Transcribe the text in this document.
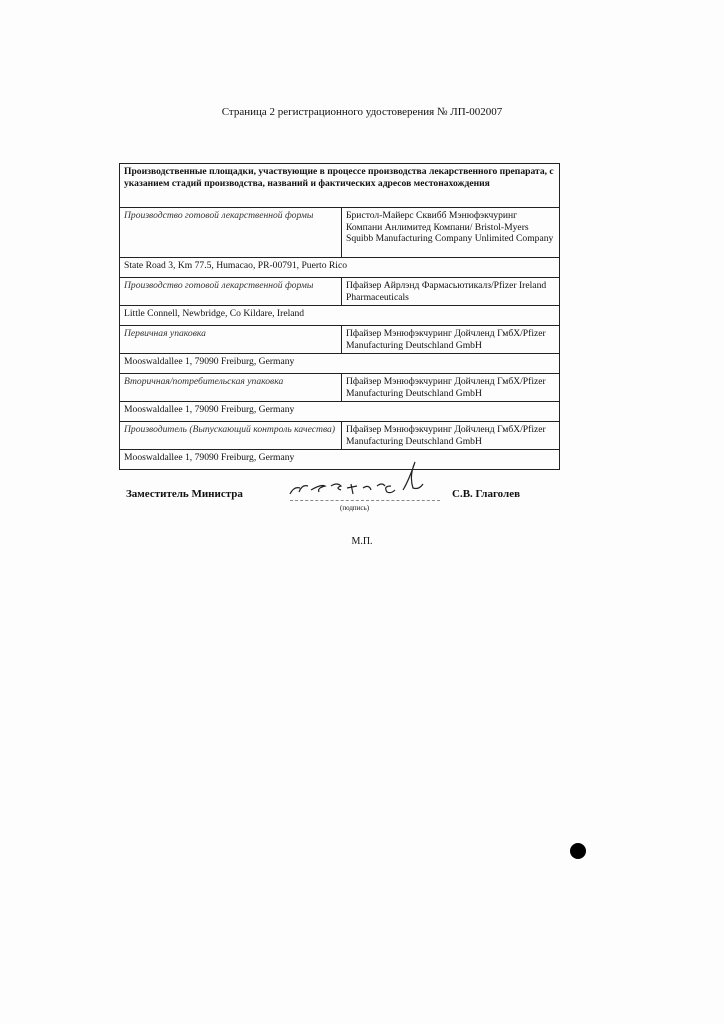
Страница 2 регистрационного удостоверения № ЛП-002007
Производственные площадки, участвующие в процессе производства лекарственного препарата, с указанием стадий производства, названий и фактических адресов местонахождения	
Производство готовой лекарственной формы	Бристол-Майерс Сквибб Мэнюфэкчуринг Компани Анлимитед Компани/ Bristol-Myers Squibb Manufacturing Company Unlimited Company
State Road 3, Km 77.5, Humacao, PR-00791, Puerto Rico	
Производство готовой лекарственной формы	Пфайзер Айрлэнд Фармасьютикалз/Pfizer Ireland Pharmaceuticals
Little Connell, Newbridge, Co Kildare, Ireland	
Первичная упаковка	Пфайзер Мэнюфэкчуринг Дойчленд ГмбХ/Pfizer Manufacturing Deutschland GmbH
Mooswaldallee 1, 79090 Freiburg, Germany	
Вторичная/потребительская упаковка	Пфайзер Мэнюфэкчуринг Дойчленд ГмбХ/Pfizer Manufacturing Deutschland GmbH
Mooswaldallee 1, 79090 Freiburg, Germany	
Производитель (Выпускающий контроль качества)	Пфайзер Мэнюфэкчуринг Дойчленд ГмбХ/Pfizer Manufacturing Deutschland GmbH
Mooswaldallee 1, 79090 Freiburg, Germany	
Заместитель Министра
(подпись)
С.В. Глаголев
М.П.
